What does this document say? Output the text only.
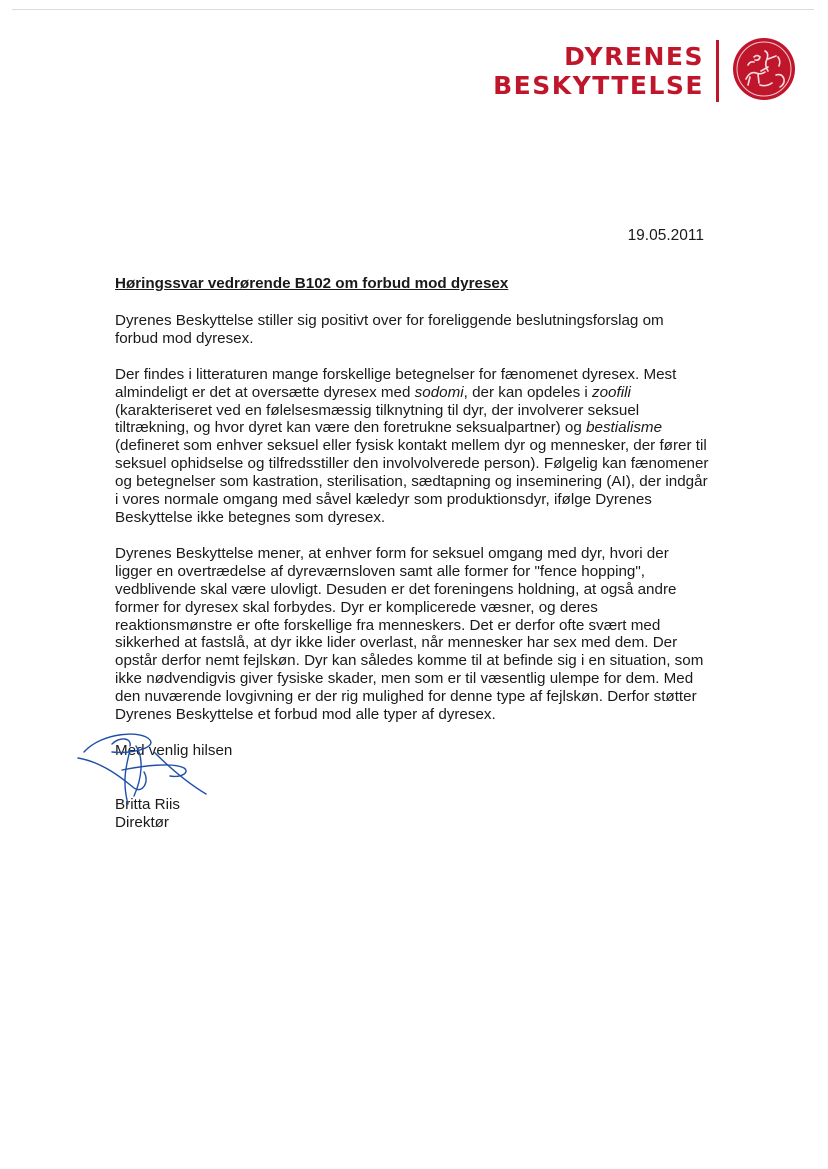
DYRENES
BESKYTTELSE
19.05.2011
Høringssvar vedrørende B102 om forbud mod dyresex

Dyrenes Beskyttelse stiller sig positivt over for foreliggende beslutningsforslag om forbud mod dyresex.

Der findes i litteraturen mange forskellige betegnelser for fænomenet dyresex. Mest almindeligt er det at oversætte dyresex med sodomi, der kan opdeles i zoofili (karakteriseret ved en følelsesmæssig tilknytning til dyr, der involverer seksuel tiltrækning, og hvor dyret kan være den foretrukne seksualpartner) og bestialisme (defineret som enhver seksuel eller fysisk kontakt mellem dyr og mennesker, der fører til seksuel ophidselse og tilfredsstiller den involvolverede person). Følgelig kan fænomener og betegnelser som kastration, sterilisation, sædtapning og inseminering (AI), der indgår i vores normale omgang med såvel kæledyr som produktionsdyr, ifølge Dyrenes Beskyttelse ikke betegnes som dyresex.

Dyrenes Beskyttelse mener, at enhver form for seksuel omgang med dyr, hvori der ligger en overtrædelse af dyreværnsloven samt alle former for "fence hopping", vedblivende skal være ulovligt. Desuden er det foreningens holdning, at også andre former for dyresex skal forbydes. Dyr er komplicerede væsner, og deres reaktionsmønstre er ofte forskellige fra menneskers. Det er derfor ofte svært med sikkerhed at fastslå, at dyr ikke lider overlast, når mennesker har sex med dem. Der opstår derfor nemt fejlskøn. Dyr kan således komme til at befinde sig i en situation, som ikke nødvendigvis giver fysiske skader, men som er til væsentlig ulempe for dem. Med den nuværende lovgivning er der rig mulighed for denne type af fejlskøn. Derfor støtter Dyrenes Beskyttelse et forbud mod alle typer af dyresex.

Med venlig hilsen
Britta Riis
Direktør
